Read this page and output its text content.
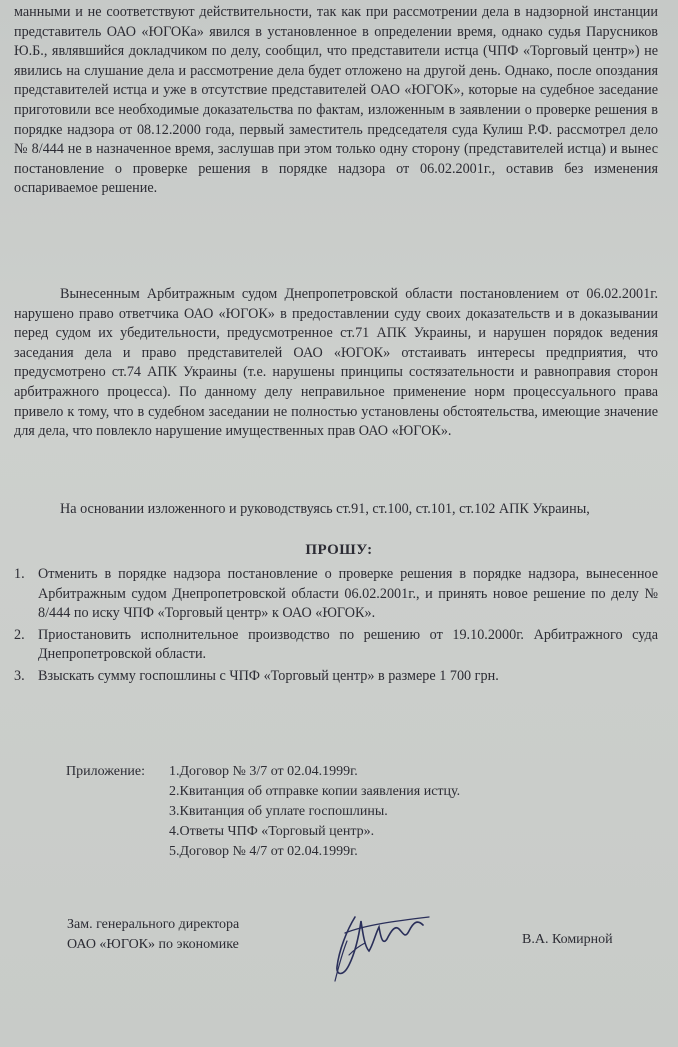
манными и не соответствуют действительности, так как при рассмотрении дела в надзорной инстанции представитель ОАО «ЮГОКа» явился в установленное в определении время, однако судья Парусников Ю.Б., являвшийся докладчиком по делу, сообщил, что представители истца (ЧПФ «Торговый центр») не явились на слушание дела и рассмотрение дела будет отложено на другой день. Однако, после опоздания представителей истца и уже в отсутствие представителей ОАО «ЮГОК», которые на судебное заседание приготовили все необходимые доказательства по фактам, изложенным в заявлении о проверке решения в порядке надзора от 08.12.2000 года, первый заместитель председателя суда Кулиш Р.Ф. рассмотрел дело № 8/444 не в назначенное время, заслушав при этом только одну сторону (представителей истца) и вынес постановление о проверке решения в порядке надзора от 06.02.2001г., оставив без изменения оспариваемое решение.

Вынесенным Арбитражным судом Днепропетровской области постановлением от 06.02.2001г. нарушено право ответчика ОАО «ЮГОК» в предоставлении суду своих доказательств и в доказывании перед судом их убедительности, предусмотренное ст.71 АПК Украины, и нарушен порядок ведения заседания дела и право представителей ОАО «ЮГОК» отстаивать интересы предприятия, что предусмотрено ст.74 АПК Украины (т.е. нарушены принципы состязательности и равноправия сторон арбитражного процесса). По данному делу неправильное применение норм процессуального права привело к тому, что в судебном заседании не полностью установлены обстоятельства, имеющие значение для дела, что повлекло нарушение имущественных прав ОАО «ЮГОК».

На основании изложенного и руководствуясь ст.91, ст.100, ст.101, ст.102 АПК Украины,

ПРОШУ:

1. Отменить в порядке надзора постановление о проверке решения в порядке надзора, вынесенное Арбитражным судом Днепропетровской области 06.02.2001г., и принять новое решение по делу № 8/444 по иску ЧПФ «Торговый центр» к ОАО «ЮГОК».
2. Приостановить исполнительное производство по решению от 19.10.2000г. Арбитражного суда Днепропетровской области.
3. Взыскать сумму госпошлины с ЧПФ «Торговый центр» в размере 1 700 грн.
Приложение: 1.Договор № 3/7 от 02.04.1999г.
2.Квитанция об отправке копии заявления истцу.
3.Квитанция об уплате госпошлины.
4.Ответы ЧПФ «Торговый центр».
5.Договор № 4/7 от 02.04.1999г.
Зам. генерального директора
ОАО «ЮГОК» по экономике	В.А. Комирной
